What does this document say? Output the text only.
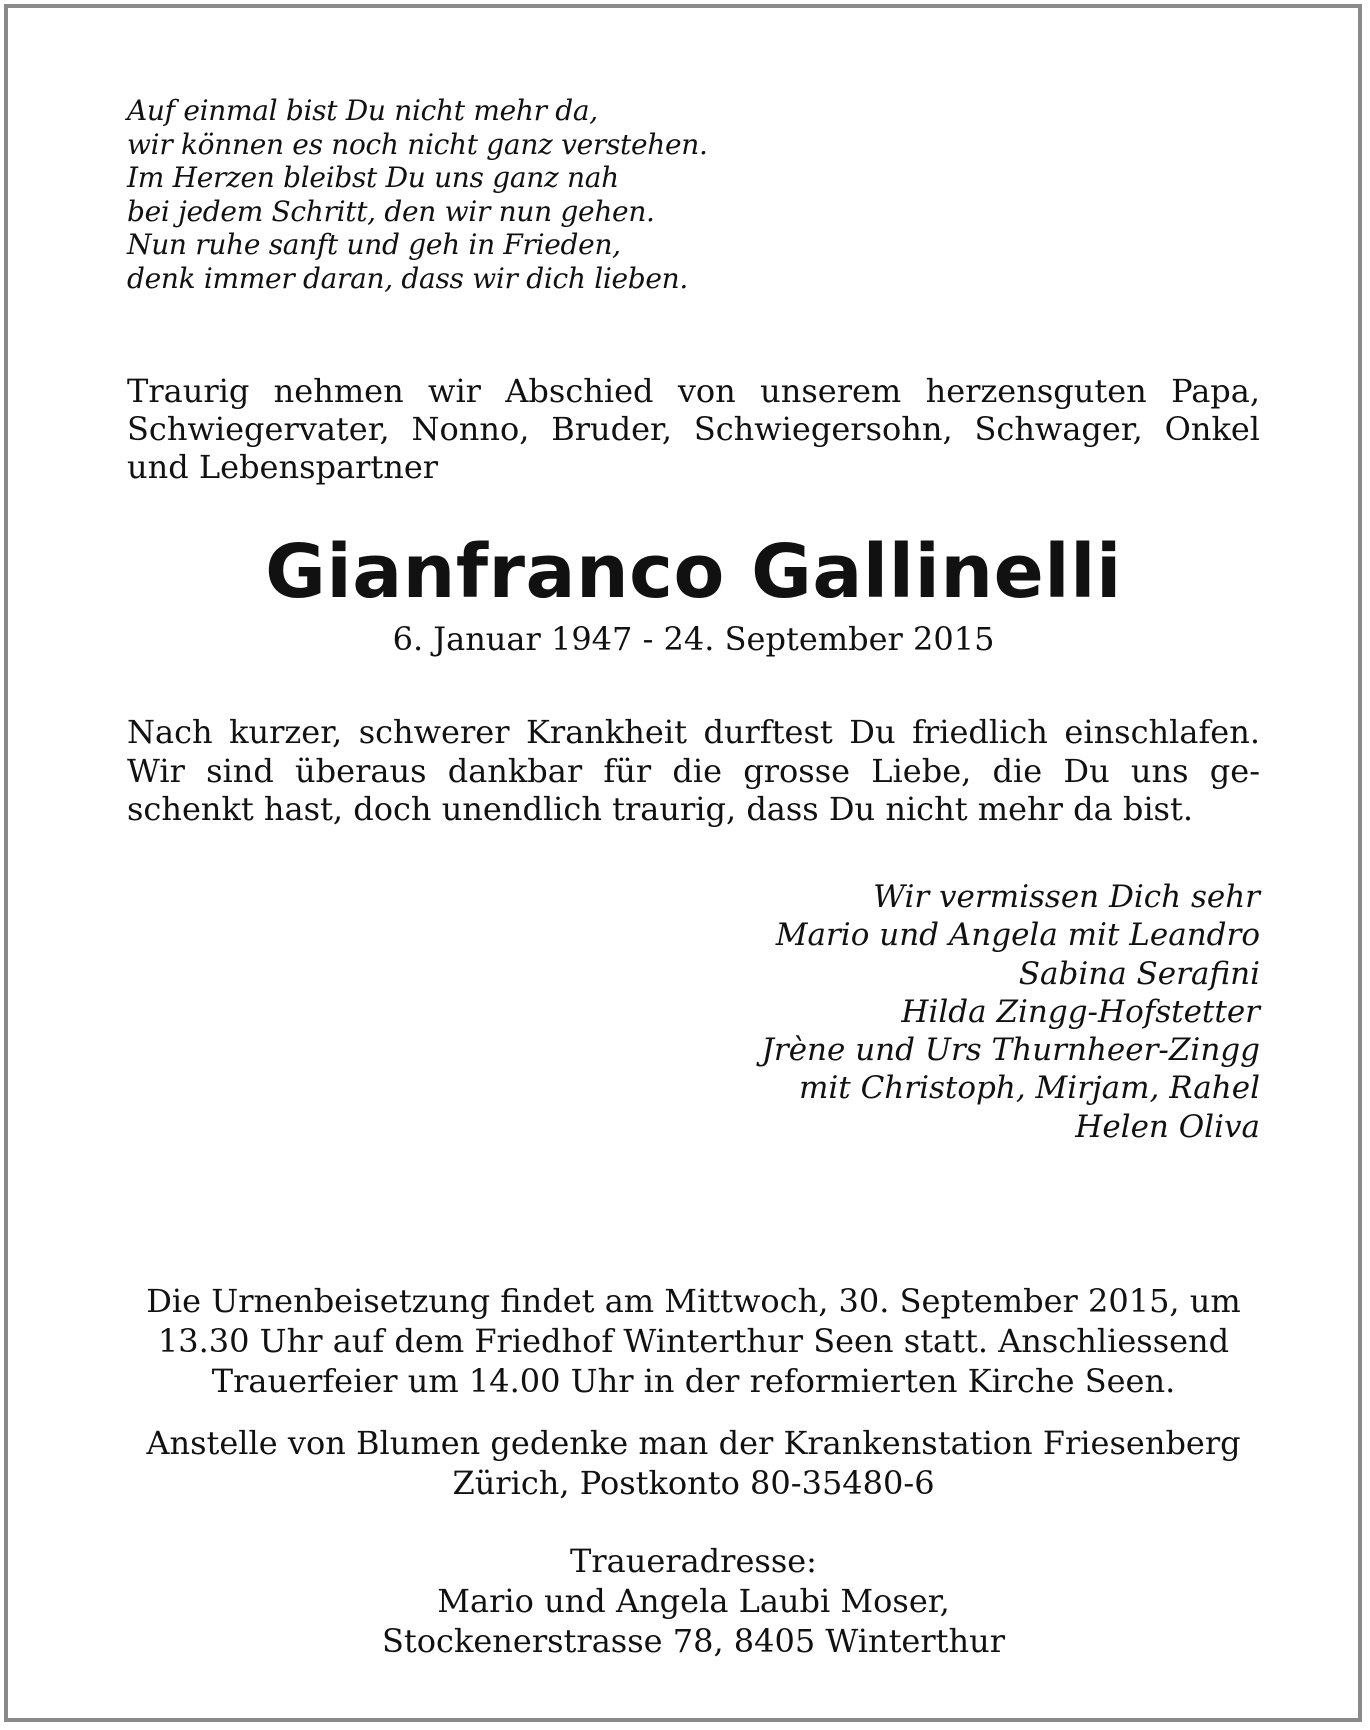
Auf einmal bist Du nicht mehr da,
wir können es noch nicht ganz verstehen.
Im Herzen bleibst Du uns ganz nah
bei jedem Schritt, den wir nun gehen.
Nun ruhe sanft und geh in Frieden,
denk immer daran, dass wir dich lieben.
Traurig nehmen wir Abschied von unserem herzensguten Papa,
Schwiegervater, Nonno, Bruder, Schwiegersohn, Schwager, Onkel
und Lebenspartner
Gianfranco Gallinelli
6. Januar 1947 - 24. September 2015
Nach kurzer, schwerer Krankheit durftest Du friedlich einschlafen.
Wir sind überaus dankbar für die grosse Liebe, die Du uns ge-
schenkt hast, doch unendlich traurig, dass Du nicht mehr da bist.
Wir vermissen Dich sehr
Mario und Angela mit Leandro
Sabina Serafini
Hilda Zingg-Hofstetter
Jrène und Urs Thurnheer-Zingg
mit Christoph, Mirjam, Rahel
Helen Oliva
Die Urnenbeisetzung findet am Mittwoch, 30. September 2015, um
13.30 Uhr auf dem Friedhof Winterthur Seen statt. Anschliessend
Trauerfeier um 14.00 Uhr in der reformierten Kirche Seen.
Anstelle von Blumen gedenke man der Krankenstation Friesenberg
Zürich, Postkonto 80-35480-6
Traueradresse:
Mario und Angela Laubi Moser,
Stockenerstrasse 78, 8405 Winterthur
